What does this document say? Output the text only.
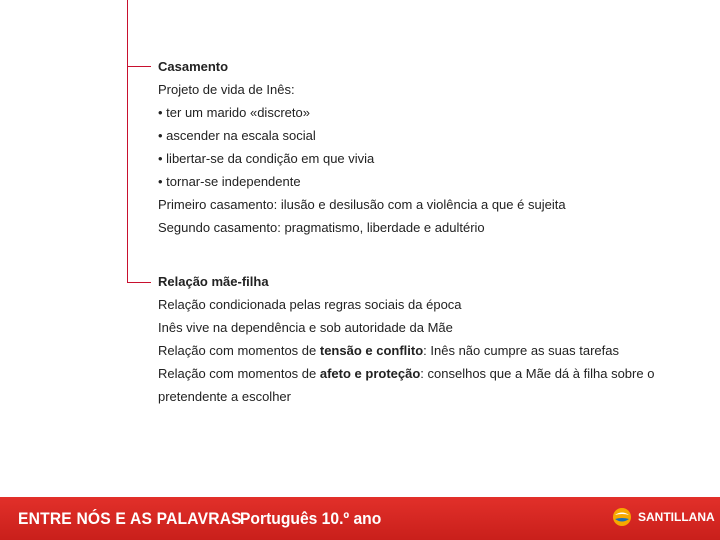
Casamento

Projeto de vida de Inês:

• ter um marido «discreto»

• ascender na escala social

• libertar-se da condição em que vivia

• tornar-se independente

Primeiro casamento: ilusão e desilusão com a violência a que é sujeita

Segundo casamento: pragmatismo, liberdade e adultério

Relação mãe-filha

Relação condicionada pelas regras sociais da época

Inês vive na dependência e sob autoridade da Mãe

Relação com momentos de tensão e conflito: Inês não cumpre as suas tarefas

Relação com momentos de afeto e proteção: conselhos que a Mãe dá à filha sobre o pretendente a escolher

ENTRE NÓS E AS PALAVRAS
Português 10.º ano	SANTILLANA
